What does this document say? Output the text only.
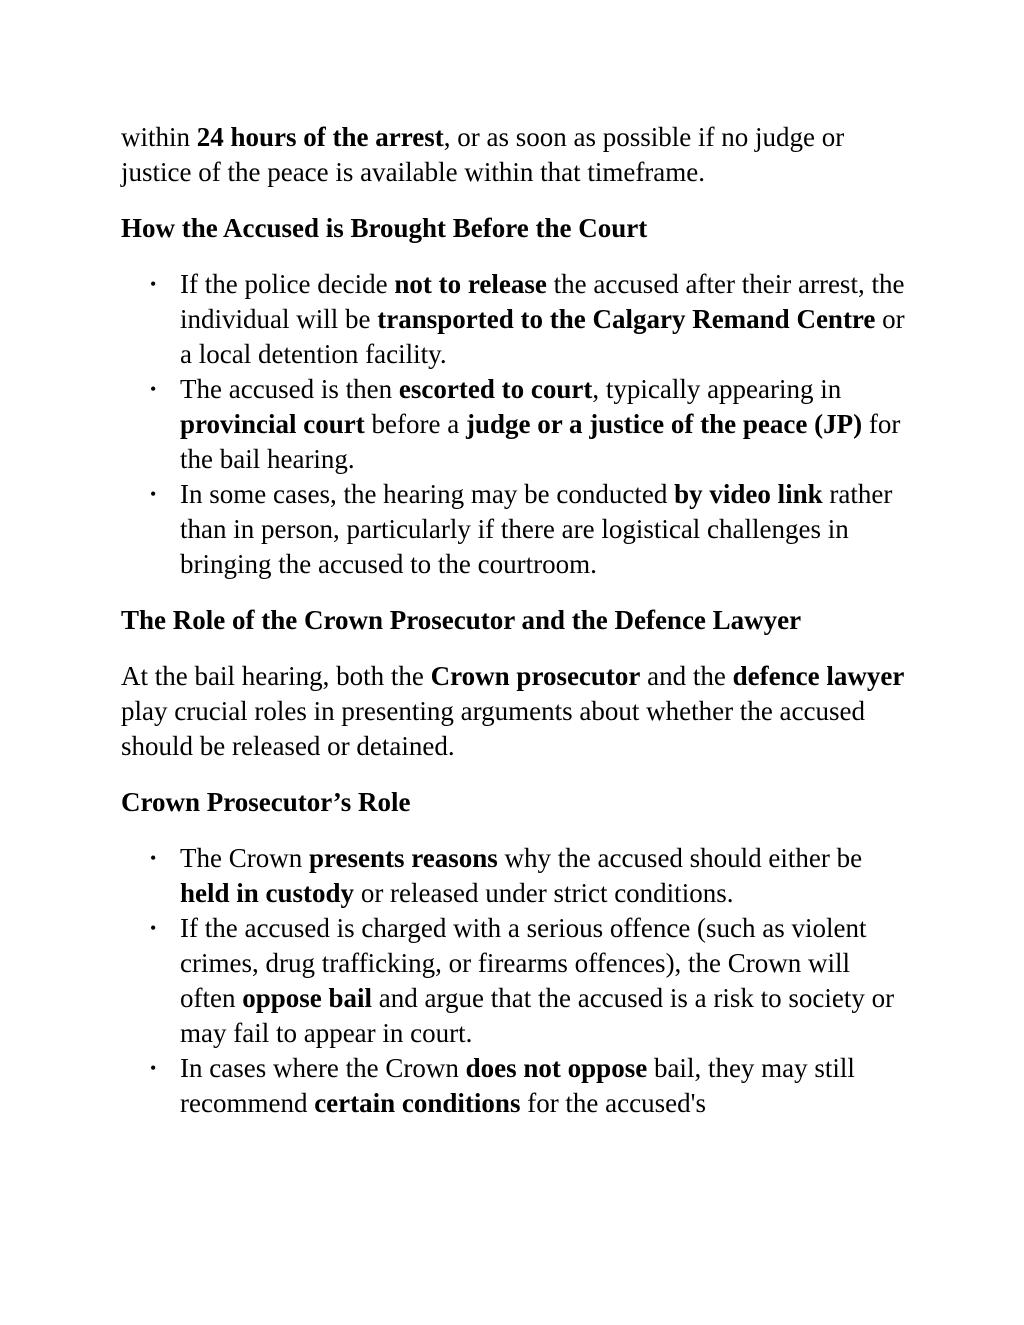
within 24 hours of the arrest, or as soon as possible if no judge or justice of the peace is available within that timeframe.

How the Accused is Brought Before the Court

• If the police decide not to release the accused after their arrest, the individual will be transported to the Calgary Remand Centre or a local detention facility.
• The accused is then escorted to court, typically appearing in provincial court before a judge or a justice of the peace (JP) for the bail hearing.
• In some cases, the hearing may be conducted by video link rather than in person, particularly if there are logistical challenges in bringing the accused to the courtroom.

The Role of the Crown Prosecutor and the Defence Lawyer

At the bail hearing, both the Crown prosecutor and the defence lawyer play crucial roles in presenting arguments about whether the accused should be released or detained.

Crown Prosecutor’s Role

• The Crown presents reasons why the accused should either be held in custody or released under strict conditions.
• If the accused is charged with a serious offence (such as violent crimes, drug trafficking, or firearms offences), the Crown will often oppose bail and argue that the accused is a risk to society or may fail to appear in court.
• In cases where the Crown does not oppose bail, they may still recommend certain conditions for the accused's
